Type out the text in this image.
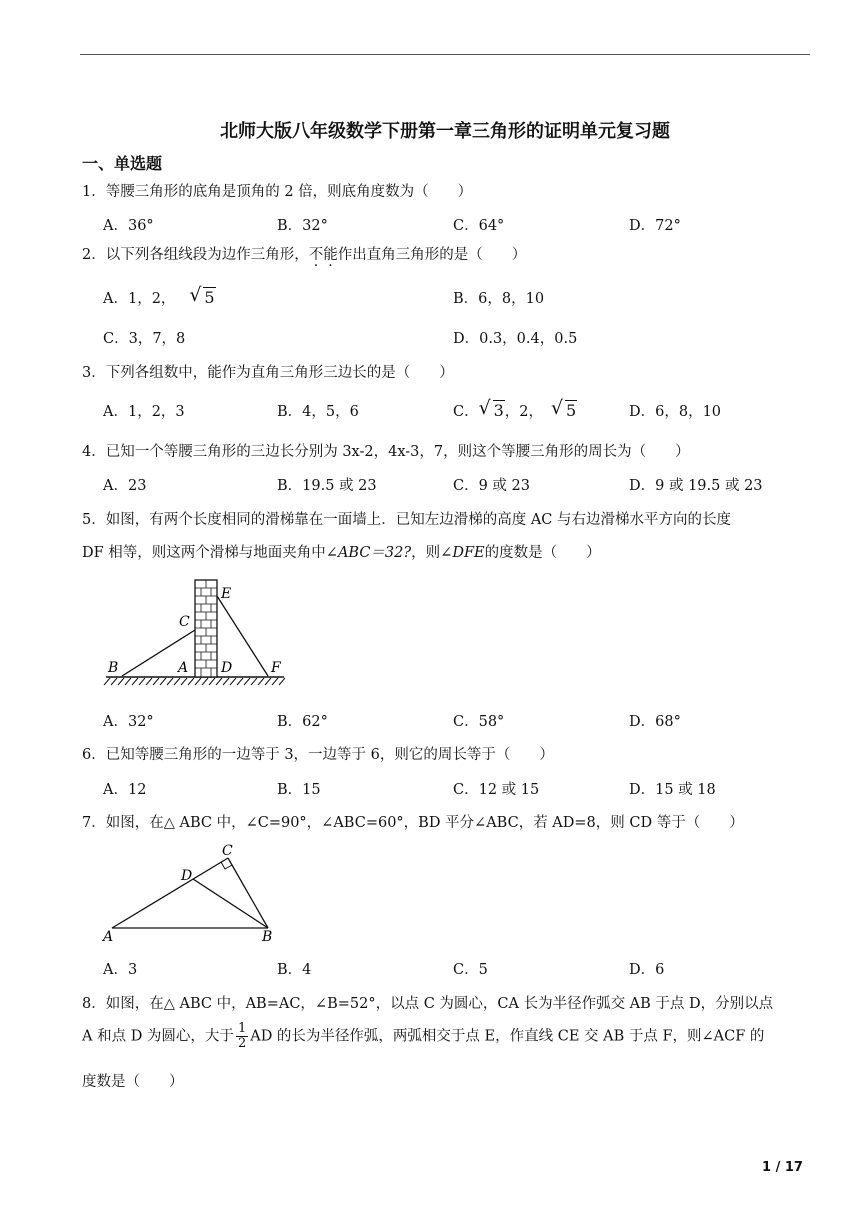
北师大版八年级数学下册第一章三角形的证明单元复习题
一、单选题
1．等腰三角形的底角是顶角的 2 倍，则底角度数为（　　）
A．36°	B．32°	C．64°	D．72°
2．以下列各组线段为边作三角形，不能作出直角三角形的是（　　）
A．1，2， √ 5	B．6，8，10
C．3，7，8	D．0.3，0.4，0.5
3．下列各组数中，能作为直角三角形三边长的是（　　）
A．1，2，3	B．4，5，6	C． √ 3，2， √ 5	D．6，8，10
4．已知一个等腰三角形的三边长分别为 3x-2，4x-3，7，则这个等腰三角形的周长为（　　）
A．23	B．19.5 或 23	C．9 或 23	D．9 或 19.5 或 23
5．如图，有两个长度相同的滑梯靠在一面墙上．已知左边滑梯的高度 AC 与右边滑梯水平方向的长度
DF 相等，则这两个滑梯与地面夹角中∠ABC＝32?，则∠DFE的度数是（　　）
B	A
C
D
E
F
A．32°	B．62°	C．58°	D．68°
6．已知等腰三角形的一边等于 3，一边等于 6，则它的周长等于（　　）
A．12	B．15	C．12 或 15	D．15 或 18
7．如图，在△ ABC 中，∠C=90°，∠ABC=60°，BD 平分∠ABC，若 AD=8，则 CD 等于（　　）
A	B
C
D
A．3	B．4	C．5	D．6
8．如图，在△ ABC 中，AB=AC，∠B=52°，以点 C 为圆心，CA 长为半径作弧交 AB 于点 D，分别以点
A 和点 D 为圆心，大于 $\frac{1}{2}$ AD 的长为半径作弧，两弧相交于点 E，作直线 CE 交 AB 于点 F，则∠ACF 的
度数是（　　）
1 / 17
